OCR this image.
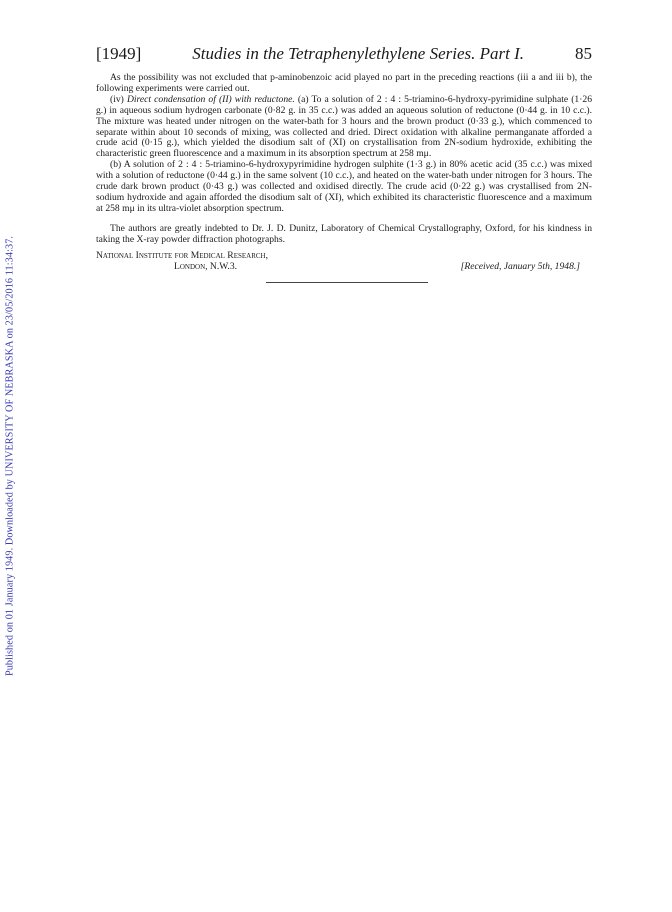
Published on 01 January 1949. Downloaded by UNIVERSITY OF NEBRASKA on 23/05/2016 11:34:37.
[1949]	Studies in the Tetraphenylethylene Series. Part I.	85

As the possibility was not excluded that p-aminobenzoic acid played no part in the preceding reactions (iii a and iii b), the following experiments were carried out.

(iv) Direct condensation of (II) with reductone. (a) To a solution of 2 : 4 : 5-triamino-6-hydroxy-pyrimidine sulphate (1·26 g.) in aqueous sodium hydrogen carbonate (0·82 g. in 35 c.c.) was added an aqueous solution of reductone (0·44 g. in 10 c.c.). The mixture was heated under nitrogen on the water-bath for 3 hours and the brown product (0·33 g.), which commenced to separate within about 10 seconds of mixing, was collected and dried. Direct oxidation with alkaline permanganate afforded a crude acid (0·15 g.), which yielded the disodium salt of (XI) on crystallisation from 2N-sodium hydroxide, exhibiting the characteristic green fluorescence and a maximum in its absorption spectrum at 258 mμ.

(b) A solution of 2 : 4 : 5-triamino-6-hydroxypyrimidine hydrogen sulphite (1·3 g.) in 80% acetic acid (35 c.c.) was mixed with a solution of reductone (0·44 g.) in the same solvent (10 c.c.), and heated on the water-bath under nitrogen for 3 hours. The crude dark brown product (0·43 g.) was collected and oxidised directly. The crude acid (0·22 g.) was crystallised from 2N-sodium hydroxide and again afforded the disodium salt of (XI), which exhibited its characteristic fluorescence and a maximum at 258 mμ in its ultra-violet absorption spectrum.

The authors are greatly indebted to Dr. J. D. Dunitz, Laboratory of Chemical Crystallography, Oxford, for his kindness in taking the X-ray powder diffraction photographs.

National Institute for Medical Research,
London, N.W.3.	[Received, January 5th, 1948.]
